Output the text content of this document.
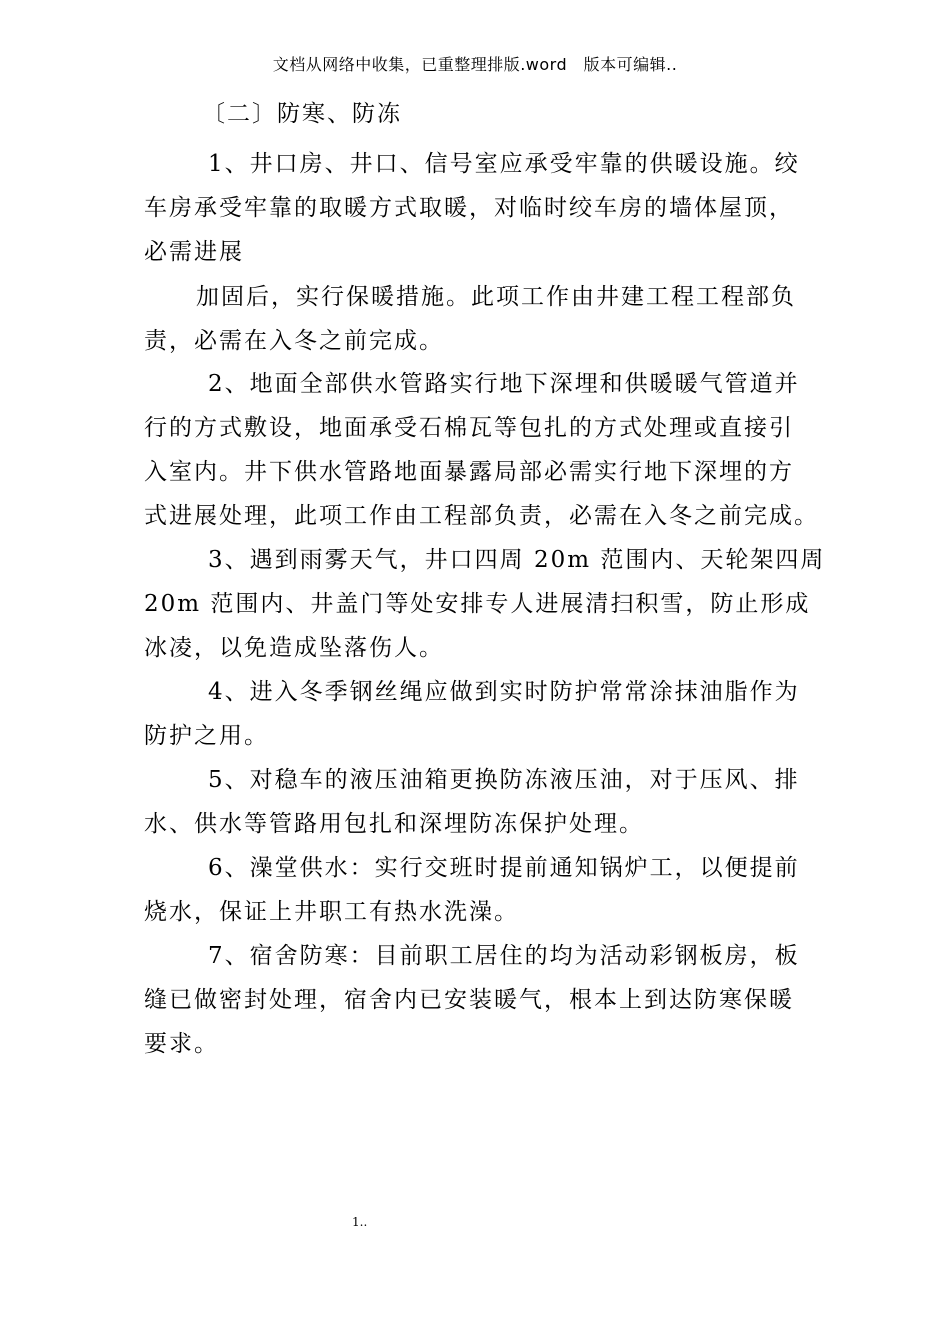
文档从网络中收集，已重整理排版.word　版本可编辑..
〔二〕防寒、防冻
1、井口房、井口、信号室应承受牢靠的供暖设施。绞
车房承受牢靠的取暖方式取暖，对临时绞车房的墙体屋顶，
必需进展
加固后，实行保暖措施。此项工作由井建工程工程部负
责，必需在入冬之前完成。
2、地面全部供水管路实行地下深埋和供暖暖气管道并
行的方式敷设，地面承受石棉瓦等包扎的方式处理或直接引
入室内。井下供水管路地面暴露局部必需实行地下深埋的方
式进展处理，此项工作由工程部负责，必需在入冬之前完成。
3、遇到雨雾天气，井口四周 20m 范围内、天轮架四周
20m 范围内、井盖门等处安排专人进展清扫积雪，防止形成
冰凌，以免造成坠落伤人。
4、进入冬季钢丝绳应做到实时防护常常涂抹油脂作为
防护之用。
5、对稳车的液压油箱更换防冻液压油，对于压风、排
水、供水等管路用包扎和深埋防冻保护处理。
6、澡堂供水：实行交班时提前通知锅炉工，以便提前
烧水，保证上井职工有热水洗澡。
7、宿舍防寒：目前职工居住的均为活动彩钢板房，板
缝已做密封处理，宿舍内已安装暖气，根本上到达防寒保暖
要求。
1..
